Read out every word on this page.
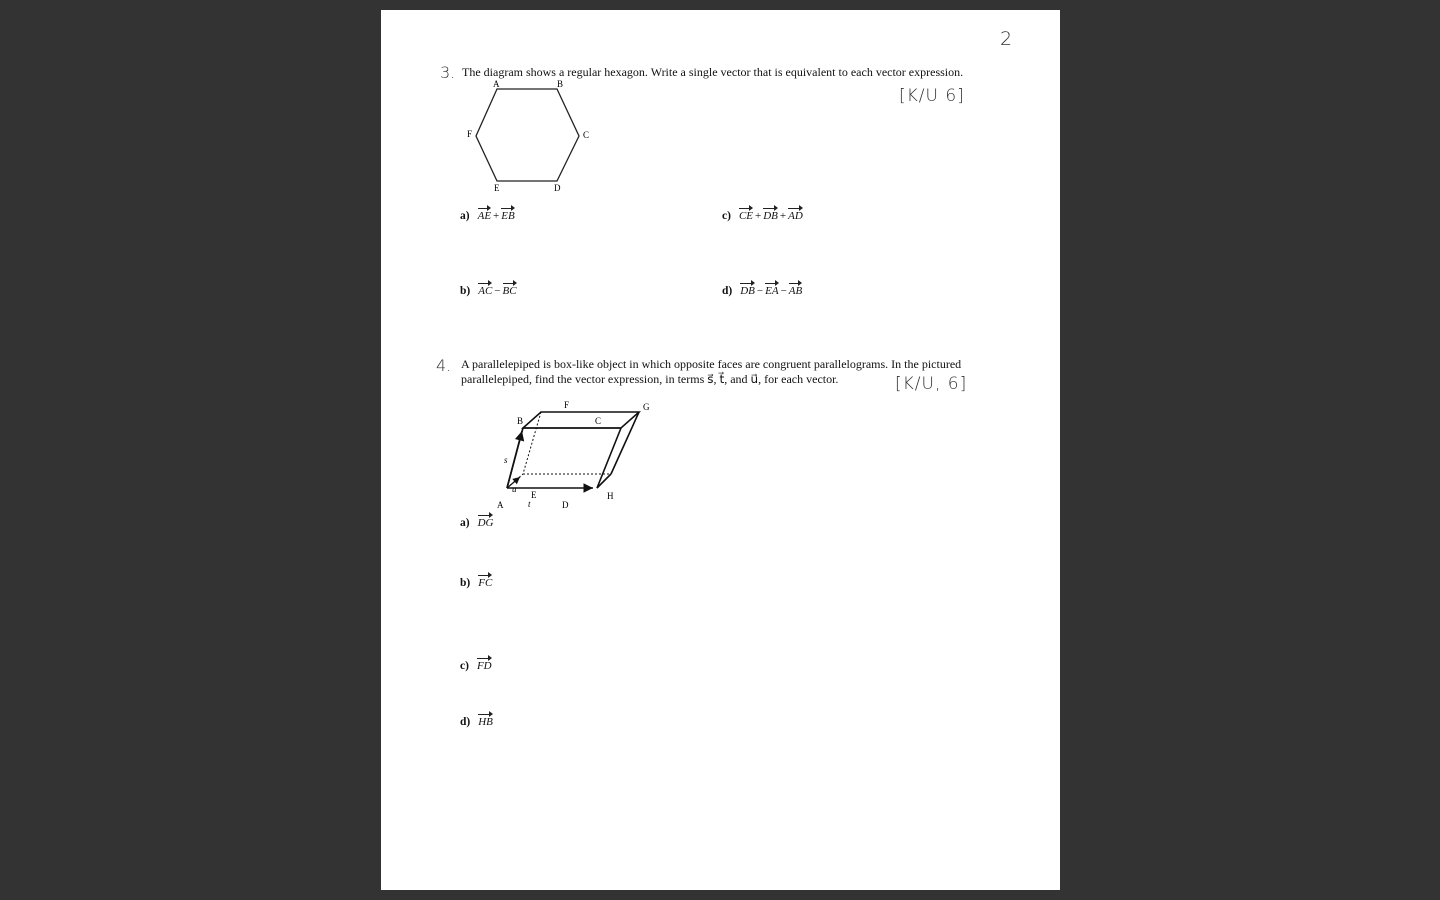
2
3. The diagram shows a regular hexagon. Write a single vector that is equivalent to each vector expression.
[K/U 6]
A	B
C
D
E
F
a) AE + EB	c) CE + DB + AD
b) AC − BC	d) DB − EA − AB
4. A parallelepiped is box-like object in which opposite faces are congruent parallelograms. In the pictured
parallelepiped, find the vector expression, in terms s⃗, t⃗, and u⃗, for each vector.	[K/U, 6]
B
F
C
G
H
E
A	D
s⃗
t⃗
u⃗
a) DG
b) FC
c) FD
d) HB
